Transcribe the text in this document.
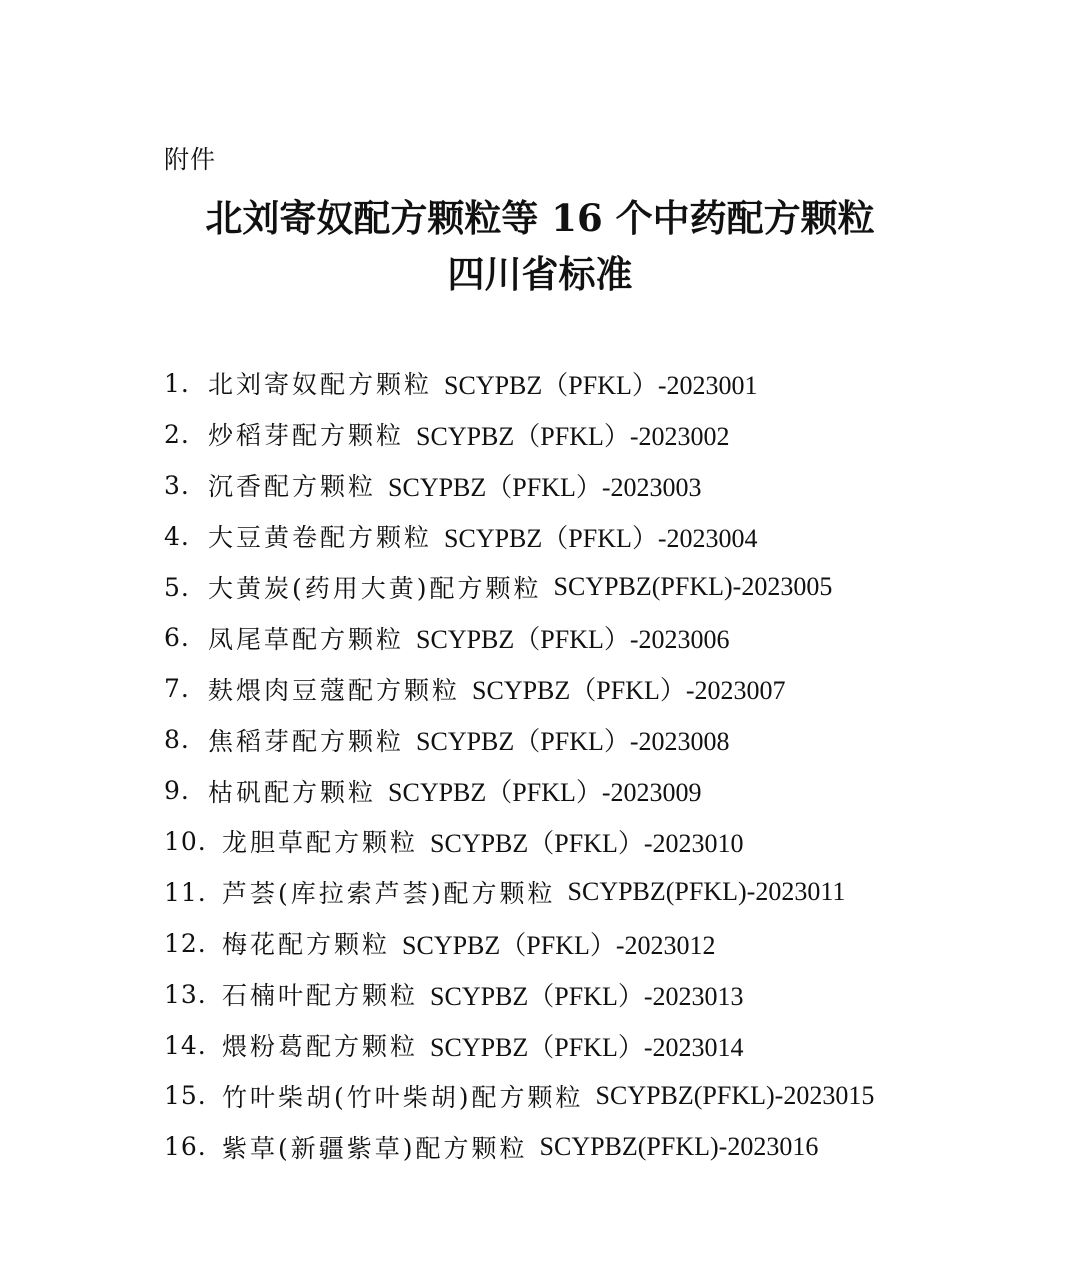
附件
北刘寄奴配方颗粒等 16 个中药配方颗粒
四川省标准
1. 北刘寄奴配方颗粒 SCYPBZ（PFKL）-2023001
2. 炒稻芽配方颗粒 SCYPBZ（PFKL）-2023002
3. 沉香配方颗粒 SCYPBZ（PFKL）-2023003
4. 大豆黄卷配方颗粒 SCYPBZ（PFKL）-2023004
5. 大黄炭(药用大黄)配方颗粒 SCYPBZ(PFKL)-2023005
6. 凤尾草配方颗粒 SCYPBZ（PFKL）-2023006
7. 麸煨肉豆蔻配方颗粒 SCYPBZ（PFKL）-2023007
8. 焦稻芽配方颗粒 SCYPBZ（PFKL）-2023008
9. 枯矾配方颗粒 SCYPBZ（PFKL）-2023009
10. 龙胆草配方颗粒 SCYPBZ（PFKL）-2023010
11. 芦荟(库拉索芦荟)配方颗粒 SCYPBZ(PFKL)-2023011
12. 梅花配方颗粒 SCYPBZ（PFKL）-2023012
13. 石楠叶配方颗粒 SCYPBZ（PFKL）-2023013
14. 煨粉葛配方颗粒 SCYPBZ（PFKL）-2023014
15. 竹叶柴胡(竹叶柴胡)配方颗粒 SCYPBZ(PFKL)-2023015
16. 紫草(新疆紫草)配方颗粒 SCYPBZ(PFKL)-2023016
